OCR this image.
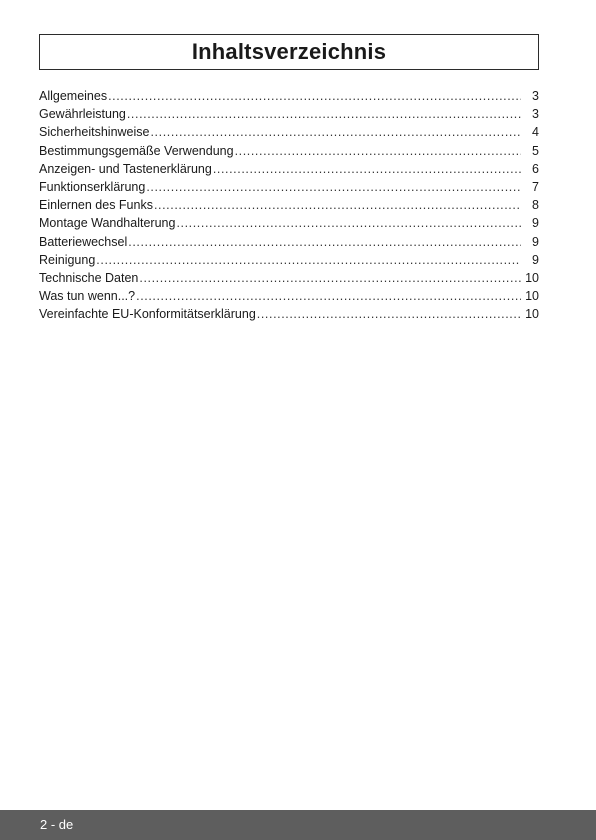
Inhaltsverzeichnis
Allgemeines .....	3
Gewährleistung .....	3
Sicherheitshinweise .....	4
Bestimmungsgemäße Verwendung .....	5
Anzeigen- und Tastenerklärung .....	6
Funktionserklärung .....	7
Einlernen des Funks .....	8
Montage Wandhalterung .....	9
Batteriewechsel .....	9
Reinigung .....	9
Technische Daten .....	10
Was tun wenn...? .....	10
Vereinfachte EU-Konformitätserklärung .....	10
2 - de
